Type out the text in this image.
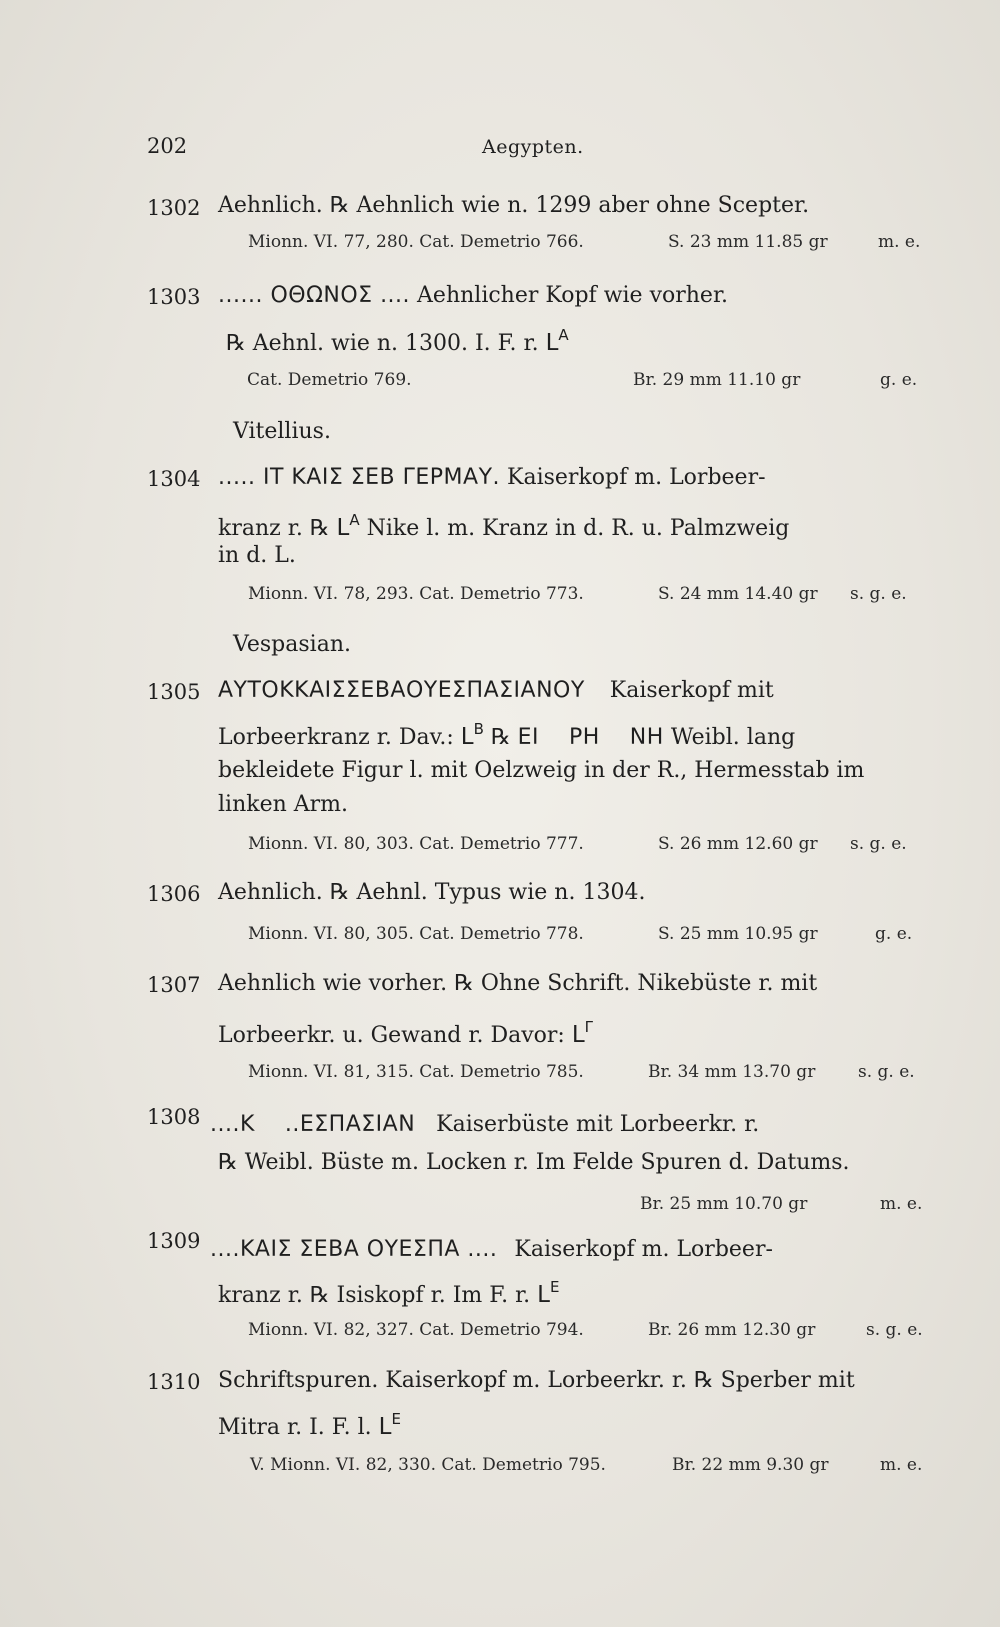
202	Aegypten.
1302 Aehnlich. ℞ Aehnlich wie n. 1299 aber ohne Scepter.
Mionn. VI. 77, 280. Cat. Demetrio 766.	S. 23 mm 11.85 gr	m. e.
1303 ...... ΟΘΩΝΟΣ .... Aehnlicher Kopf wie vorher.
℞ Aehnl. wie n. 1300. I. F. r. $L^A$
Cat. Demetrio 769.	Br. 29 mm 11.10 gr	g. e.
Vitellius.
1304 ..... ΙΤ ΚΑΙΣ ΣΕΒ ΓΕΡΜΑΥ. Kaiserkopf m. Lorbeer-
kranz r. ℞ $L^A$ Nike l. m. Kranz in d. R. u. Palmzweig
in d. L.
Mionn. VI. 78, 293. Cat. Demetrio 773.	S. 24 mm 14.40 gr s. g. e.
Vespasian.
1305 ΑΥΤΟΚΚΑΙΣΣΕΒΑΟΥΕΣΠΑΣΙΑΝΟΥ Kaiserkopf mit
Lorbeerkranz r. Dav.: $L^B$ ℞ ΕΙ    ΡΗ    ΝΗ Weibl. lang
bekleidete Figur l. mit Oelzweig in der R., Hermesstab im
linken Arm.
Mionn. VI. 80, 303. Cat. Demetrio 777.	S. 26 mm 12.60 gr s. g. e.
1306 Aehnlich. ℞ Aehnl. Typus wie n. 1304.
Mionn. VI. 80, 305. Cat. Demetrio 778.	S. 25 mm 10.95 gr	g. e.
1307 Aehnlich wie vorher. ℞ Ohne Schrift. Nikebüste r. mit
Lorbeerkr. u. Gewand r. Davor: $L^\Gamma$
Mionn. VI. 81, 315. Cat. Demetrio 785.	Br. 34 mm 13.70 gr	s. g. e.
1308 ....Κ    ..ΕΣΠΑΣΙΑΝ Kaiserbüste mit Lorbeerkr. r.
℞ Weibl. Büste m. Locken r. Im Felde Spuren d. Datums.
Br. 25 mm 10.70 gr	m. e.
1309 ....ΚΑΙΣ ΣΕΒΑ ΟΥΕΣΠΑ .... Kaiserkopf m. Lorbeer-
kranz r. ℞ Isiskopf r. Im F. r. $L^E$
Mionn. VI. 82, 327. Cat. Demetrio 794.	Br. 26 mm 12.30 gr	s. g. e.
1310 Schriftspuren. Kaiserkopf m. Lorbeerkr. r. ℞ Sperber mit
Mitra r. I. F. l. $L^E$
V. Mionn. VI. 82, 330. Cat. Demetrio 795.	Br. 22 mm 9.30 gr	m. e.
